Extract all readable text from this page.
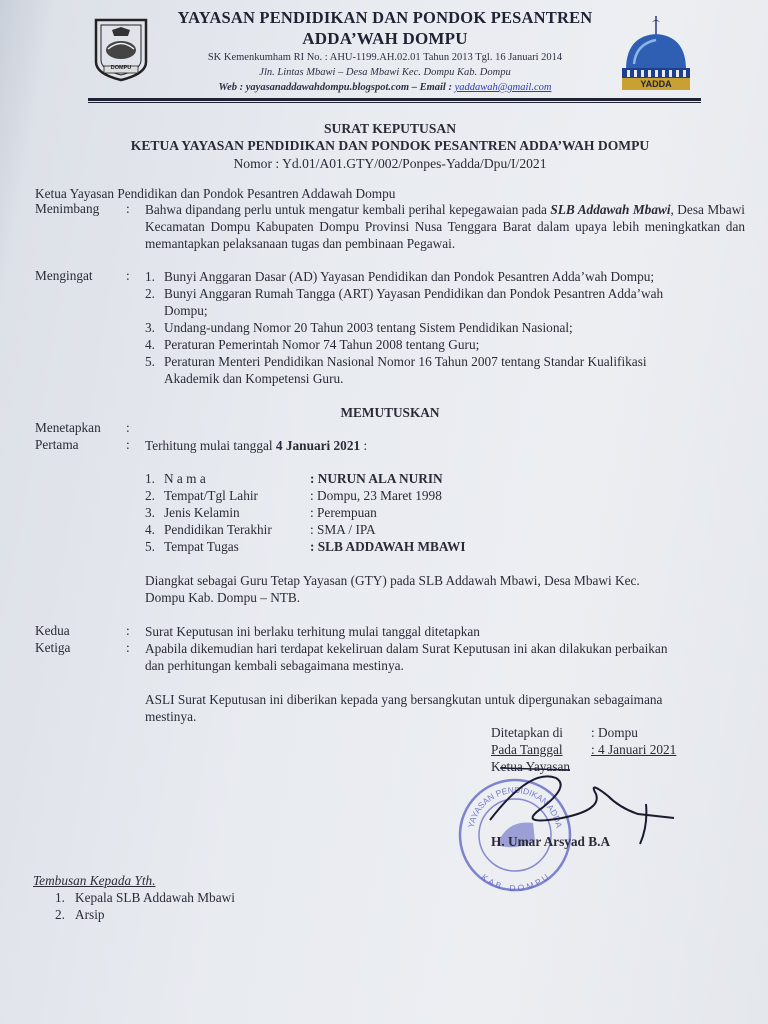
DOMPU
YAYASAN PENDIDIKAN DAN PONDOK PESANTREN
ADDA’WAH DOMPU
SK Kemenkumham RI No. : AHU-1199.AH.02.01 Tahun 2013 Tgl. 16 Januari 2014
Jln. Lintas Mbawi – Desa Mbawi Kec. Dompu Kab. Dompu
Web : yayasanaddawahdompu.blogspot.com – Email : yaddawah@gmail.com	YADDA
SURAT KEPUTUSAN
KETUA YAYASAN PENDIDIKAN DAN PONDOK PESANTREN ADDA’WAH DOMPU
Nomor : Yd.01/A01.GTY/002/Ponpes-Yadda/Dpu/I/2021
Ketua Yayasan Pendidikan dan Pondok Pesantren Addawah Dompu
Menimbang : Bahwa dipandang perlu untuk mengatur kembali perihal kepegawaian pada SLB Addawah Mbawi, Desa Mbawi Kecamatan Dompu Kabupaten Dompu Provinsi Nusa Tenggara Barat dalam upaya lebih meningkatkan dan memantapkan pelaksanaan tugas dan pembinaan Pegawai.
Mengingat	: 1. Bunyi Anggaran Dasar (AD) Yayasan Pendidikan dan Pondok Pesantren Adda’wah Dompu;
2. Bunyi Anggaran Rumah Tangga (ART) Yayasan Pendidikan dan Pondok Pesantren Adda’wah
Dompu;
3. Undang-undang Nomor 20 Tahun 2003 tentang Sistem Pendidikan Nasional;
4. Peraturan Pemerintah Nomor 74 Tahun 2008 tentang Guru;
5. Peraturan Menteri Pendidikan Nasional Nomor 16 Tahun 2007 tentang Standar Kualifikasi
Akademik dan Kompetensi Guru.
MEMUTUSKAN
Menetapkan :
Pertama	: Terhitung mulai tanggal 4 Januari 2021 :
1. N a m a	: NURUN ALA NURIN
2. Tempat/Tgl Lahir	: Dompu, 23 Maret 1998
3. Jenis Kelamin	: Perempuan
4. Pendidikan Terakhir	: SMA / IPA
5. Tempat Tugas	: SLB ADDAWAH MBAWI
Diangkat sebagai Guru Tetap Yayasan (GTY) pada SLB Addawah Mbawi, Desa Mbawi Kec.
Dompu Kab. Dompu – NTB.
Kedua	: Surat Keputusan ini berlaku terhitung mulai tanggal ditetapkan
Ketiga	: Apabila dikemudian hari terdapat kekeliruan dalam Surat Keputusan ini akan dilakukan perbaikan
dan perhitungan kembali sebagaimana mestinya.
ASLI Surat Keputusan ini diberikan kepada yang bersangkutan untuk dipergunakan sebagaimana
mestinya.
Ditetapkan di : Dompu
Pada Tanggal : 4 Januari 2021
Ketua Yayasan
YAYASAN PENDIDIKAN ADDA
KAB. DOMPU
H. Umar Arsyad B.A
Tembusan Kepada Yth.
1. Kepala SLB Addawah Mbawi
2. Arsip
